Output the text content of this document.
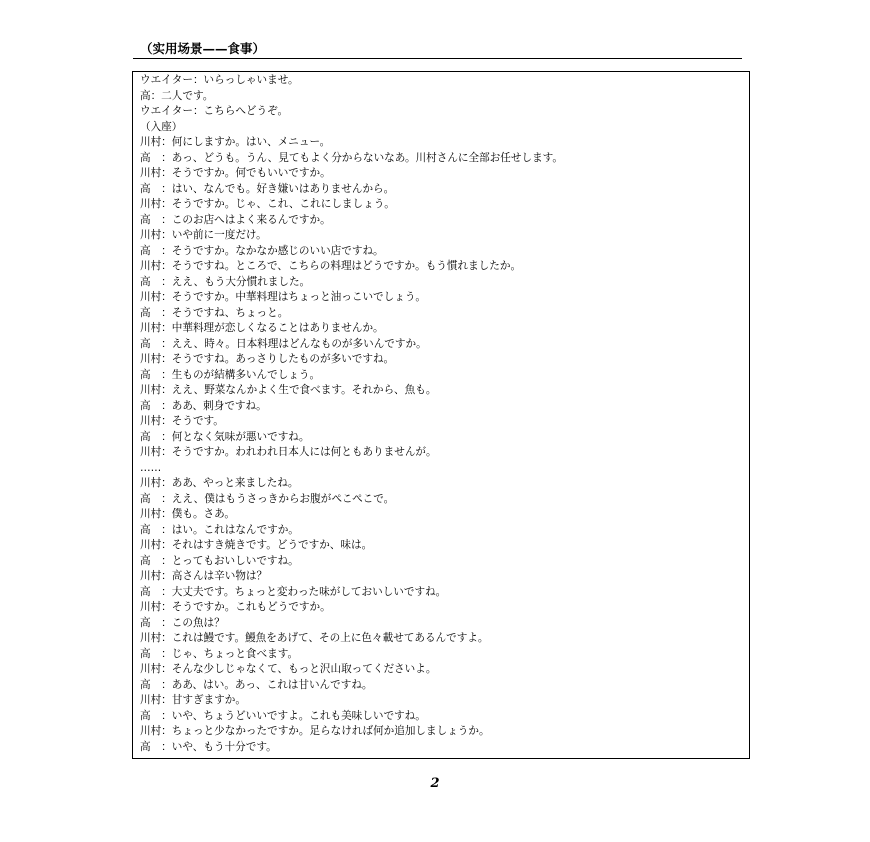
（实用场景——食事）
ウエイター：いらっしゃいませ。
高：二人です。
ウエイター：こちらへどうぞ。
（入座）
川村：何にしますか。はい、メニュー。
高　：あっ、どうも。うん、見てもよく分からないなあ。川村さんに全部お任せします。
川村：そうですか。何でもいいですか。
高　：はい、なんでも。好き嫌いはありませんから。
川村：そうですか。じゃ、これ、これにしましょう。
高　：このお店へはよく来るんですか。
川村：いや前に一度だけ。
高　：そうですか。なかなか感じのいい店ですね。
川村：そうですね。ところで、こちらの料理はどうですか。もう慣れましたか。
高　：ええ、もう大分慣れました。
川村：そうですか。中華料理はちょっと油っこいでしょう。
高　：そうですね、ちょっと。
川村：中華料理が恋しくなることはありませんか。
高　：ええ、時々。日本料理はどんなものが多いんですか。
川村：そうですね。あっさりしたものが多いですね。
高　：生ものが結構多いんでしょう。
川村：ええ、野菜なんかよく生で食べます。それから、魚も。
高　：ああ、刺身ですね。
川村：そうです。
高　：何となく気味が悪いですね。
川村：そうですか。われわれ日本人には何ともありませんが。
……
川村：ああ、やっと来ましたね。
高　：ええ、僕はもうさっきからお腹がぺこぺこで。
川村：僕も。さあ。
高　：はい。これはなんですか。
川村：それはすき焼きです。どうですか、味は。
高　：とってもおいしいですね。
川村：高さんは辛い物は？
高　：大丈夫です。ちょっと変わった味がしておいしいですね。
川村：そうですか。これもどうですか。
高　：この魚は？
川村：これは鰻です。鰻魚をあげて、その上に色々載せてあるんですよ。
高　：じゃ、ちょっと食べます。
川村：そんな少しじゃなくて、もっと沢山取ってくださいよ。
高　：ああ、はい。あっ、これは甘いんですね。
川村：甘すぎますか。
高　：いや、ちょうどいいですよ。これも美味しいですね。
川村：ちょっと少なかったですか。足らなければ何か追加しましょうか。
高　：いや、もう十分です。
2
